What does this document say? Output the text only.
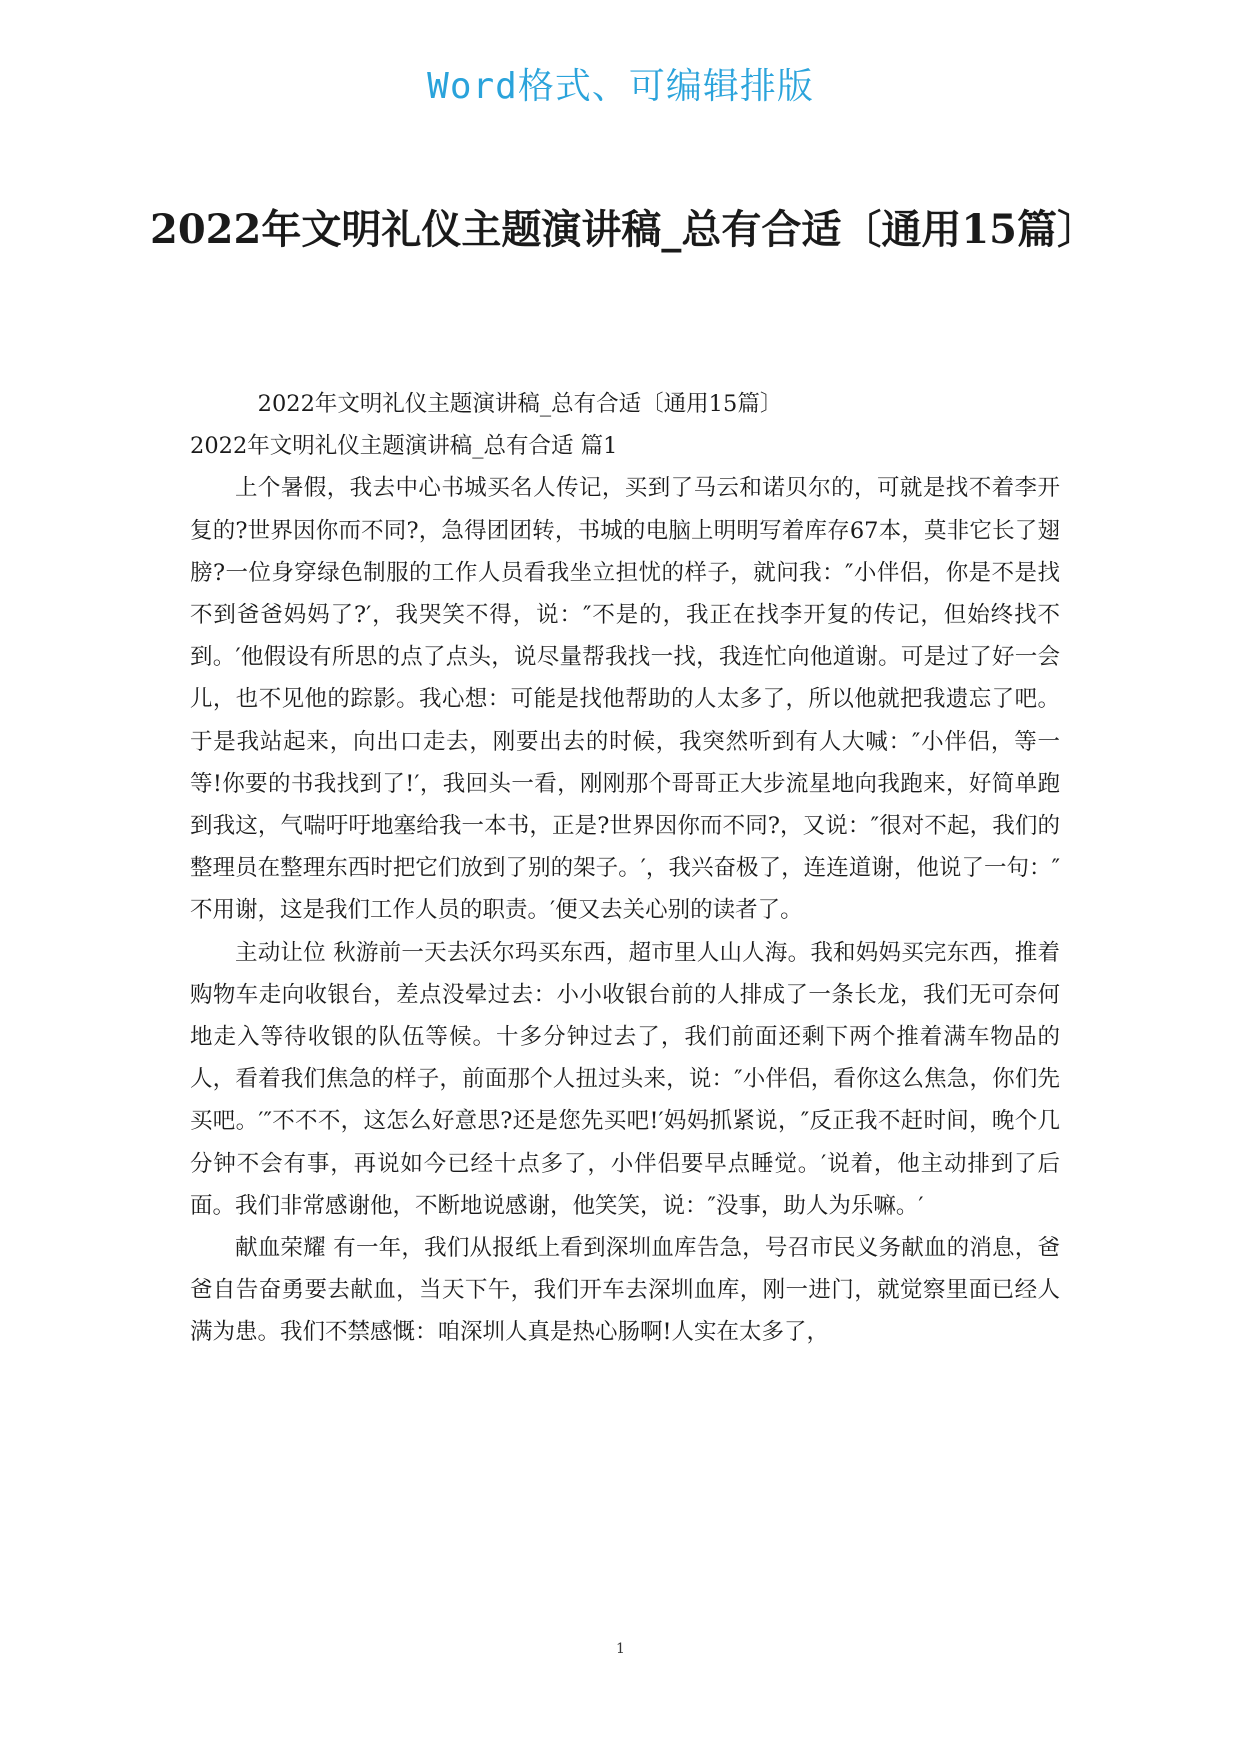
Word格式、可编辑排版
2022年文明礼仪主题演讲稿_总有合适〔通用15篇〕

2022年文明礼仪主题演讲稿_总有合适〔通用15篇〕

2022年文明礼仪主题演讲稿_总有合适 篇1

上个暑假，我去中心书城买名人传记，买到了马云和诺贝尔的，可就是找不着李开复的?世界因你而不同?，急得团团转，书城的电脑上明明写着库存67本，莫非它长了翅膀?一位身穿绿色制服的工作人员看我坐立担忧的样子，就问我：″小伴侣，你是不是找不到爸爸妈妈了?′，我哭笑不得，说：″不是的，我正在找李开复的传记，但始终找不到。′他假设有所思的点了点头，说尽量帮我找一找，我连忙向他道谢。可是过了好一会儿，也不见他的踪影。我心想：可能是找他帮助的人太多了，所以他就把我遗忘了吧。于是我站起来，向出口走去，刚要出去的时候，我突然听到有人大喊：″小伴侣，等一等!你要的书我找到了!′，我回头一看，刚刚那个哥哥正大步流星地向我跑来，好简单跑到我这，气喘吁吁地塞给我一本书，正是?世界因你而不同?，又说：″很对不起，我们的整理员在整理东西时把它们放到了别的架子。′，我兴奋极了，连连道谢，他说了一句：″不用谢，这是我们工作人员的职责。′便又去关心别的读者了。

主动让位 秋游前一天去沃尔玛买东西，超市里人山人海。我和妈妈买完东西，推着购物车走向收银台，差点没晕过去：小小收银台前的人排成了一条长龙，我们无可奈何地走入等待收银的队伍等候。十多分钟过去了，我们前面还剩下两个推着满车物品的人，看着我们焦急的样子，前面那个人扭过头来，说：″小伴侣，看你这么焦急，你们先买吧。′″不不不，这怎么好意思?还是您先买吧!′妈妈抓紧说，″反正我不赶时间，晚个几分钟不会有事，再说如今已经十点多了，小伴侣要早点睡觉。′说着，他主动排到了后面。我们非常感谢他，不断地说感谢，他笑笑，说：″没事，助人为乐嘛。′

献血荣耀 有一年，我们从报纸上看到深圳血库告急，号召市民义务献血的消息，爸爸自告奋勇要去献血，当天下午，我们开车去深圳血库，刚一进门，就觉察里面已经人满为患。我们不禁感慨：咱深圳人真是热心肠啊!人实在太多了，

1
